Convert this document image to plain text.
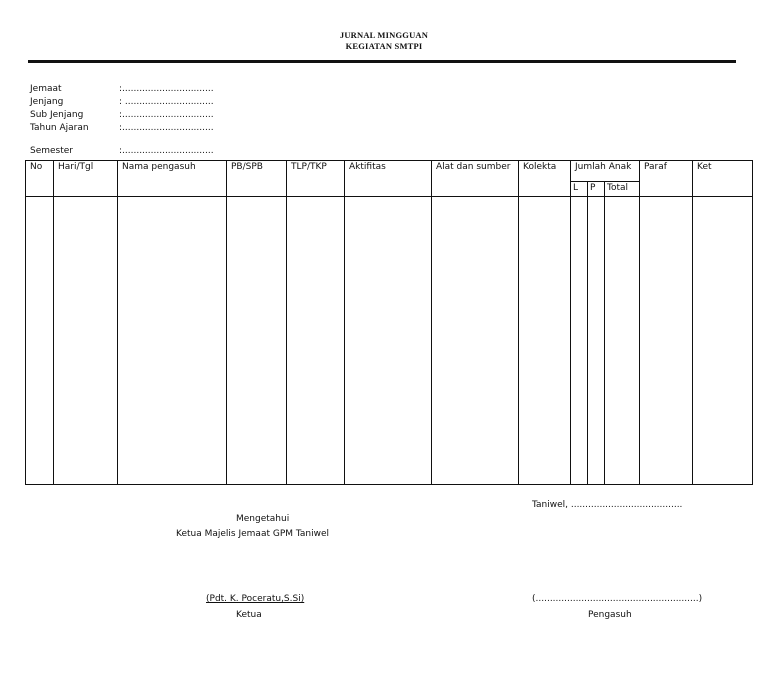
JURNAL MINGGUAN
KEGIATAN SMTPI
Jemaat	:................................
Jenjang	: ...............................
Sub Jenjang	:................................
Tahun Ajaran	:................................
Semester	:................................
No	Hari/Tgl	Nama pengasuh	PB/SPB	TLP/TKP	Aktifitas	Alat dan sumber	Kolekta	Jumlah Anak			Paraf	Ket
								L	P	Total		

Taniwel, .......................................
Mengetahui
Ketua Majelis Jemaat GPM Taniwel
(Pdt. K. Poceratu,S.Si)
Ketua
(.........................................................)
Pengasuh
